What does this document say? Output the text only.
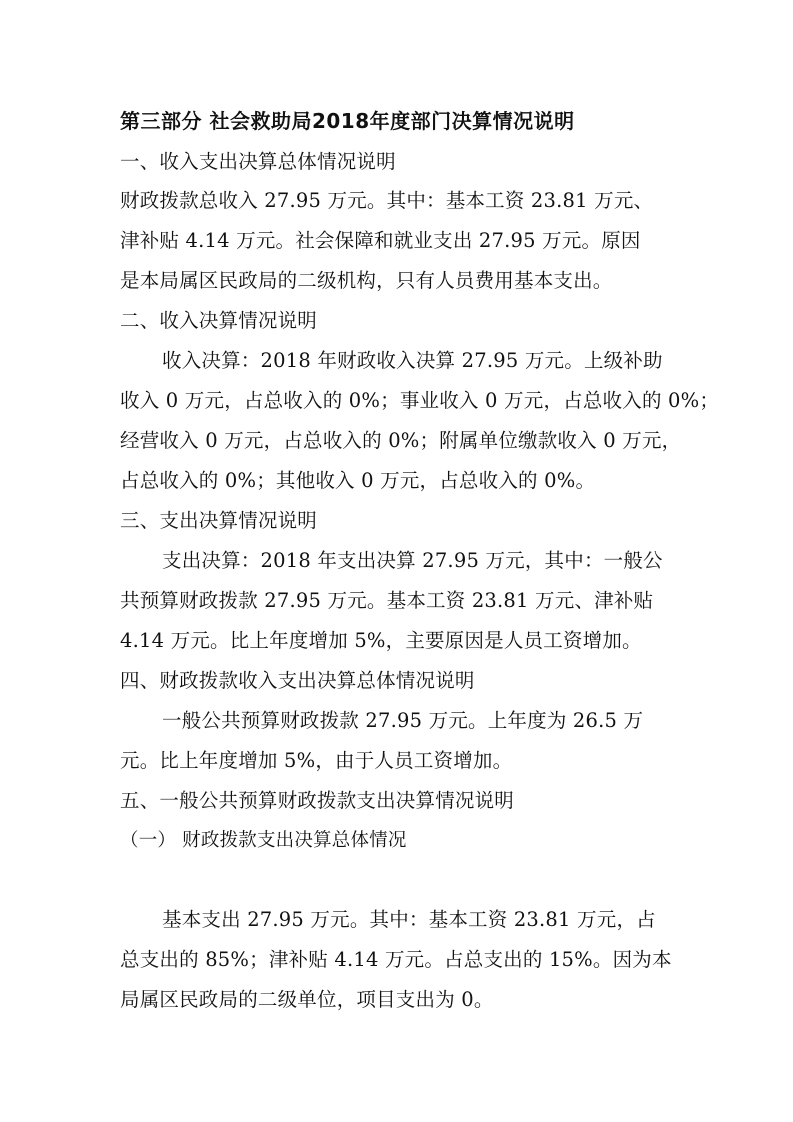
第三部分 社会救助局2018年度部门决算情况说明
一、收入支出决算总体情况说明
财政拨款总收入 27.95 万元。其中：基本工资 23.81 万元、
津补贴 4.14 万元。社会保障和就业支出 27.95 万元。原因
是本局属区民政局的二级机构，只有人员费用基本支出。
二、收入决算情况说明
收入决算：2018 年财政收入决算 27.95 万元。上级补助
收入 0 万元，占总收入的 0%；事业收入 0 万元，占总收入的 0%；
经营收入 0 万元，占总收入的 0%；附属单位缴款收入 0 万元，
占总收入的 0%；其他收入 0 万元，占总收入的 0%。
三、支出决算情况说明
支出决算：2018 年支出决算 27.95 万元，其中：一般公
共预算财政拨款 27.95 万元。基本工资 23.81 万元、津补贴
4.14 万元。比上年度增加 5%，主要原因是人员工资增加。
四、财政拨款收入支出决算总体情况说明
一般公共预算财政拨款 27.95 万元。上年度为 26.5 万
元。比上年度增加 5%，由于人员工资增加。
五、一般公共预算财政拨款支出决算情况说明
（一） 财政拨款支出决算总体情况
基本支出 27.95 万元。其中：基本工资 23.81 万元，占
总支出的 85%；津补贴 4.14 万元。占总支出的 15%。因为本
局属区民政局的二级单位，项目支出为 0。
